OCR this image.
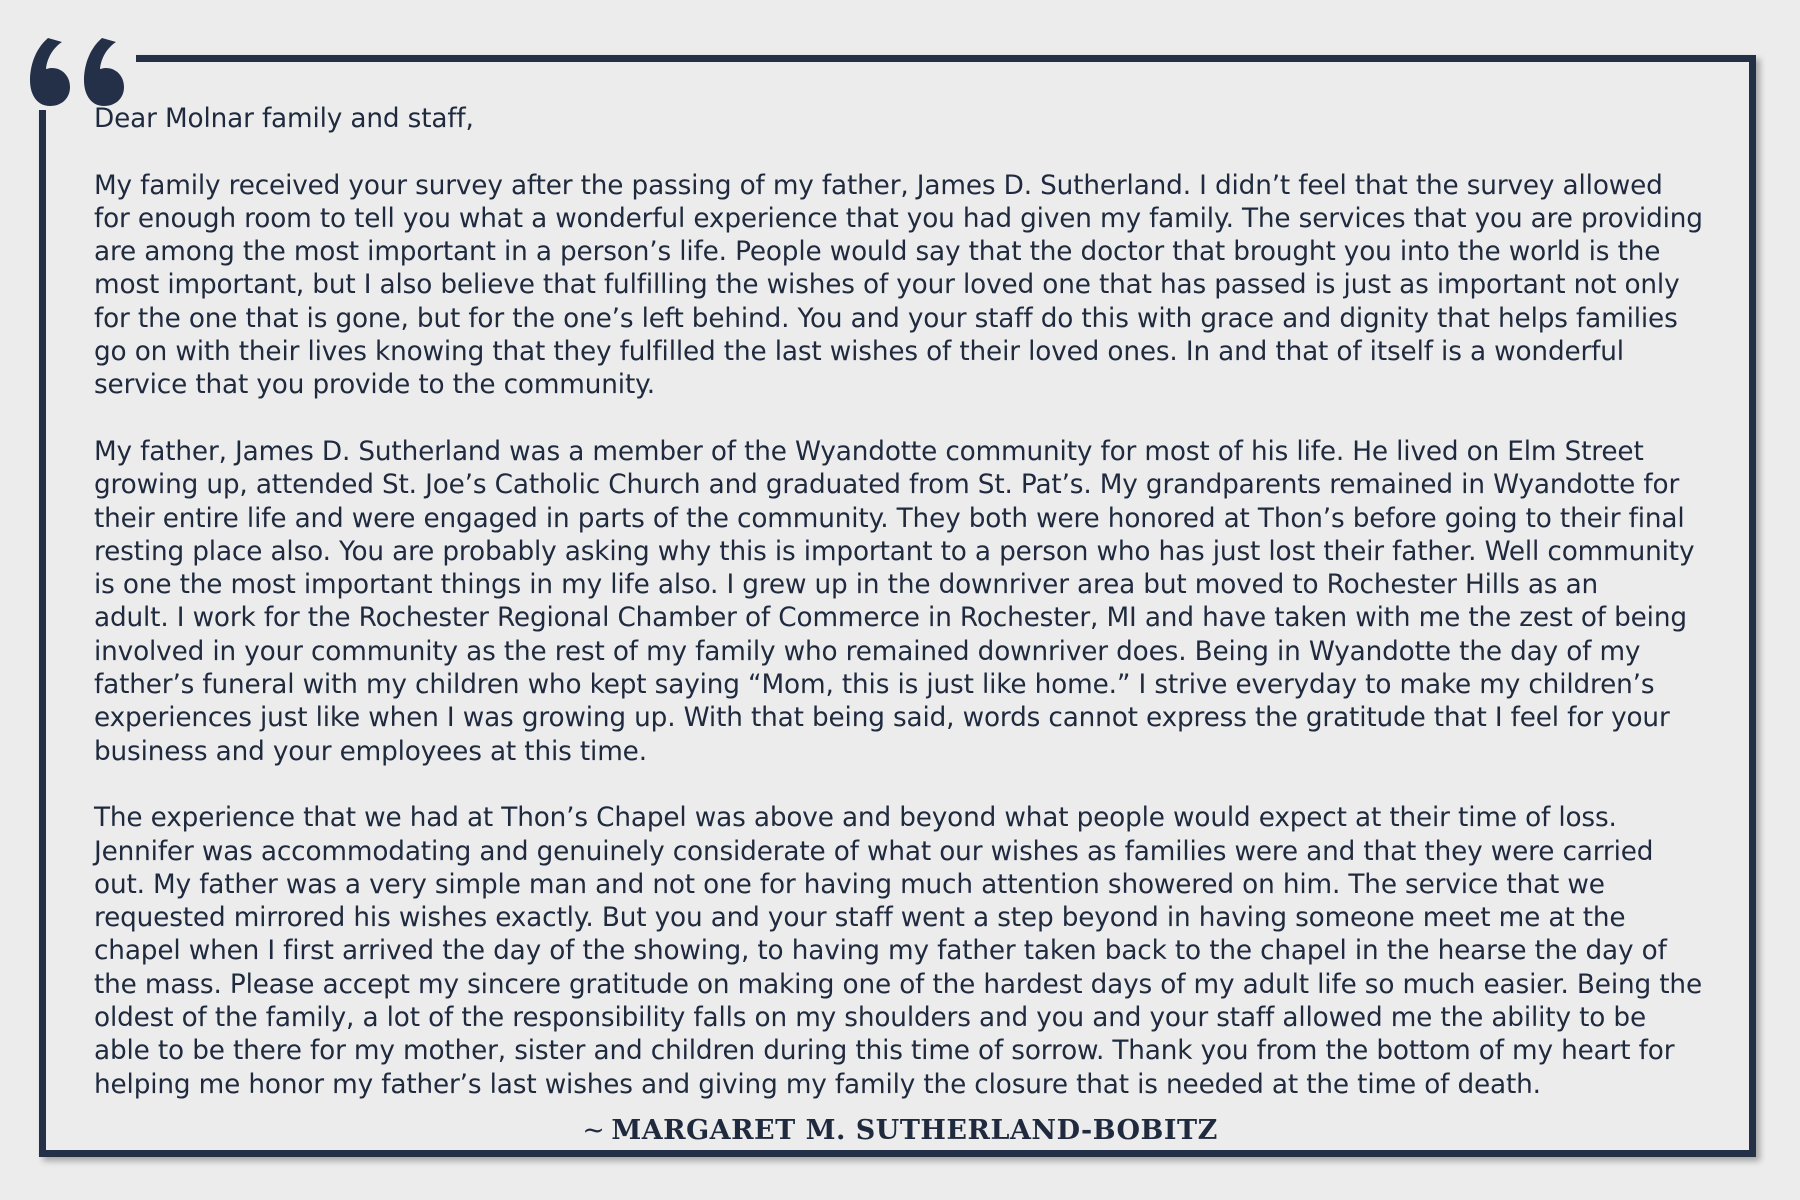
Dear Molnar family and staff,

My family received your survey after the passing of my father, James D. Sutherland. I didn’t feel that the survey allowed
for enough room to tell you what a wonderful experience that you had given my family. The services that you are providing
are among the most important in a person’s life. People would say that the doctor that brought you into the world is the
most important, but I also believe that fulfilling the wishes of your loved one that has passed is just as important not only
for the one that is gone, but for the one’s left behind. You and your staff do this with grace and dignity that helps families
go on with their lives knowing that they fulfilled the last wishes of their loved ones. In and that of itself is a wonderful
service that you provide to the community.

My father, James D. Sutherland was a member of the Wyandotte community for most of his life. He lived on Elm Street
growing up, attended St. Joe’s Catholic Church and graduated from St. Pat’s. My grandparents remained in Wyandotte for
their entire life and were engaged in parts of the community. They both were honored at Thon’s before going to their final
resting place also. You are probably asking why this is important to a person who has just lost their father. Well community
is one the most important things in my life also. I grew up in the downriver area but moved to Rochester Hills as an
adult. I work for the Rochester Regional Chamber of Commerce in Rochester, MI and have taken with me the zest of being
involved in your community as the rest of my family who remained downriver does. Being in Wyandotte the day of my
father’s funeral with my children who kept saying “Mom, this is just like home.” I strive everyday to make my children’s
experiences just like when I was growing up. With that being said, words cannot express the gratitude that I feel for your
business and your employees at this time.

The experience that we had at Thon’s Chapel was above and beyond what people would expect at their time of loss.
Jennifer was accommodating and genuinely considerate of what our wishes as families were and that they were carried
out. My father was a very simple man and not one for having much attention showered on him. The service that we
requested mirrored his wishes exactly. But you and your staff went a step beyond in having someone meet me at the
chapel when I first arrived the day of the showing, to having my father taken back to the chapel in the hearse the day of
the mass. Please accept my sincere gratitude on making one of the hardest days of my adult life so much easier. Being the
oldest of the family, a lot of the responsibility falls on my shoulders and you and your staff allowed me the ability to be
able to be there for my mother, sister and children during this time of sorrow. Thank you from the bottom of my heart for
helping me honor my father’s last wishes and giving my family the closure that is needed at the time of death.

~ MARGARET M. SUTHERLAND-BOBITZ
